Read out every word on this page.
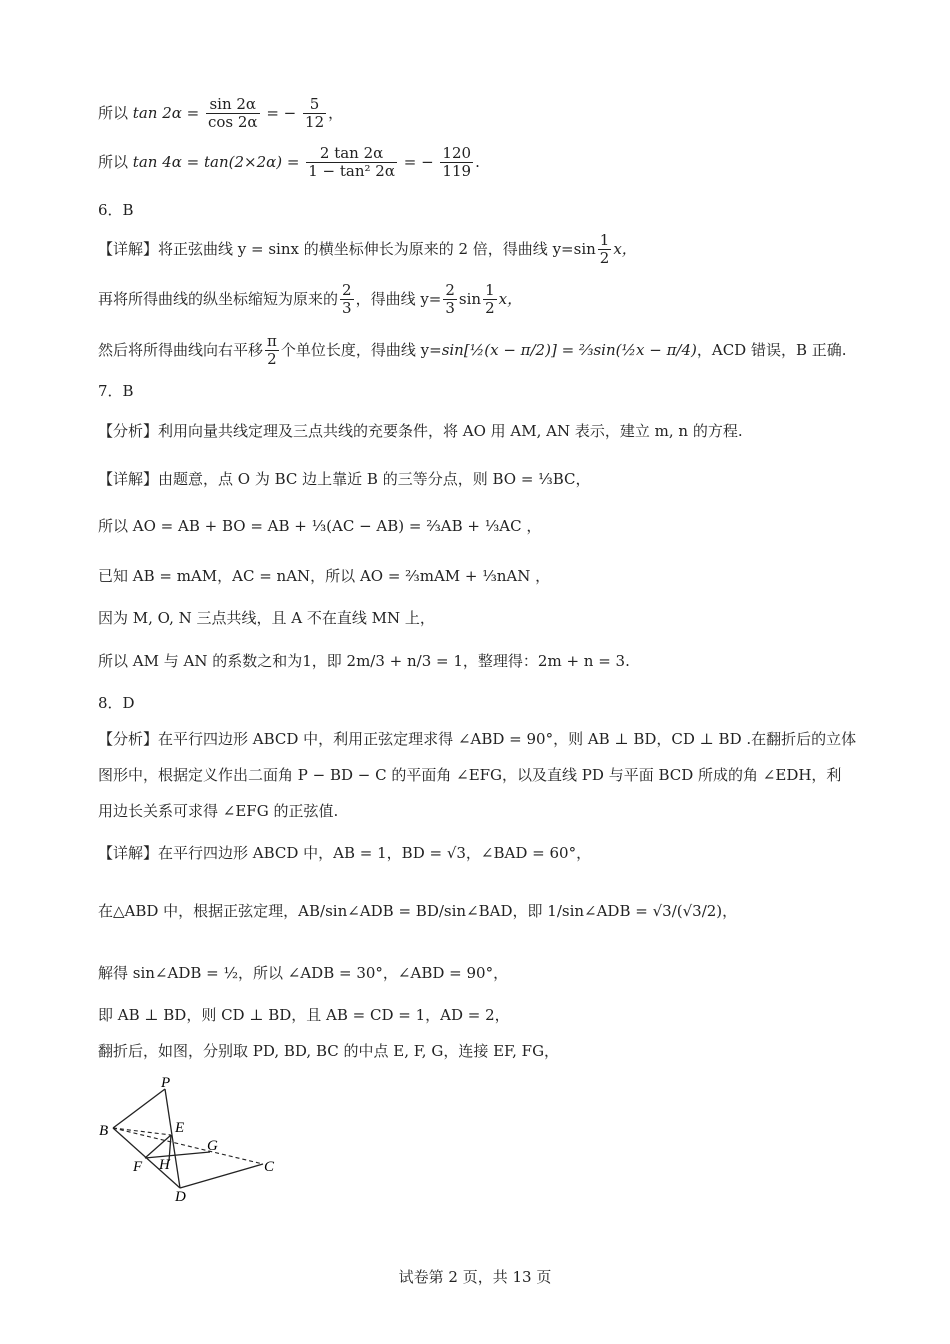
所以 $\tan 2\alpha = \frac{\sin 2\alpha}{\cos 2\alpha}$ = − $\frac{5}{12}$ ，
所以 $\tan 4\alpha = \tan(2\times 2\alpha) = \frac{2 \tan 2\alpha}{\text{1 − tan² 2α}}$ = − $\frac{120}{119}$ .
6．B
【详解】将正弦曲线 y = sinx 的横坐标伸长为原来的 2 倍，得曲线 $y=\sin \frac{1}{2}$ x，
再将所得曲线的纵坐标缩短为原来的 $\frac{2}{3}$ ，得曲线 $y= \frac{2}{3}$ $\sin \frac{1}{2}$ x，
然后将所得曲线向右平移 $\frac{\pi}{2}$ 个单位长度，得曲线 y=sin[½(x − π/2)] = ⅔sin(½x − π/4)，ACD 错误，B 正确.
7．B
【分析】利用向量共线定理及三点共线的充要条件，将 AO 用 AM, AN 表示，建立 m, n 的方程.
【详解】由题意，点 O 为 BC 边上靠近 B 的三等分点，则 BO = ⅓BC，
所以 AO = AB + BO = AB + ⅓(AC − AB) = ⅔AB + ⅓AC ，
已知 AB = mAM，AC = nAN，所以 AO = ⅔mAM + ⅓nAN ，
因为 M, O, N 三点共线，且 A 不在直线 MN 上，
所以 AM 与 AN 的系数之和为1，即 2m/3 + n/3 = 1，整理得：2m + n = 3.
8．D
【分析】在平行四边形 ABCD 中，利用正弦定理求得 ∠ABD = 90°，则 AB ⊥ BD，CD ⊥ BD .在翻折后的立体
图形中，根据定义作出二面角 P − BD − C 的平面角 ∠EFG，以及直线 PD 与平面 BCD 所成的角 ∠EDH，利
用边长关系可求得 ∠EFG 的正弦值.
【详解】在平行四边形 ABCD 中，AB = 1，BD = √3，∠BAD = 60°，
在△ABD 中，根据正弦定理，AB/sin∠ADB = BD/sin∠BAD，即 1/sin∠ADB = √3/(√3/2)，
解得 sin∠ADB = ½，所以 ∠ADB = 30°，∠ABD = 90°，
即 AB ⊥ BD，则 CD ⊥ BD，且 AB = CD = 1，AD = 2，
翻折后，如图，分别取 PD, BD, BC 的中点 E, F, G，连接 EF, FG，
P
B	E
G
F H	C
D
试卷第 2 页，共 13 页
